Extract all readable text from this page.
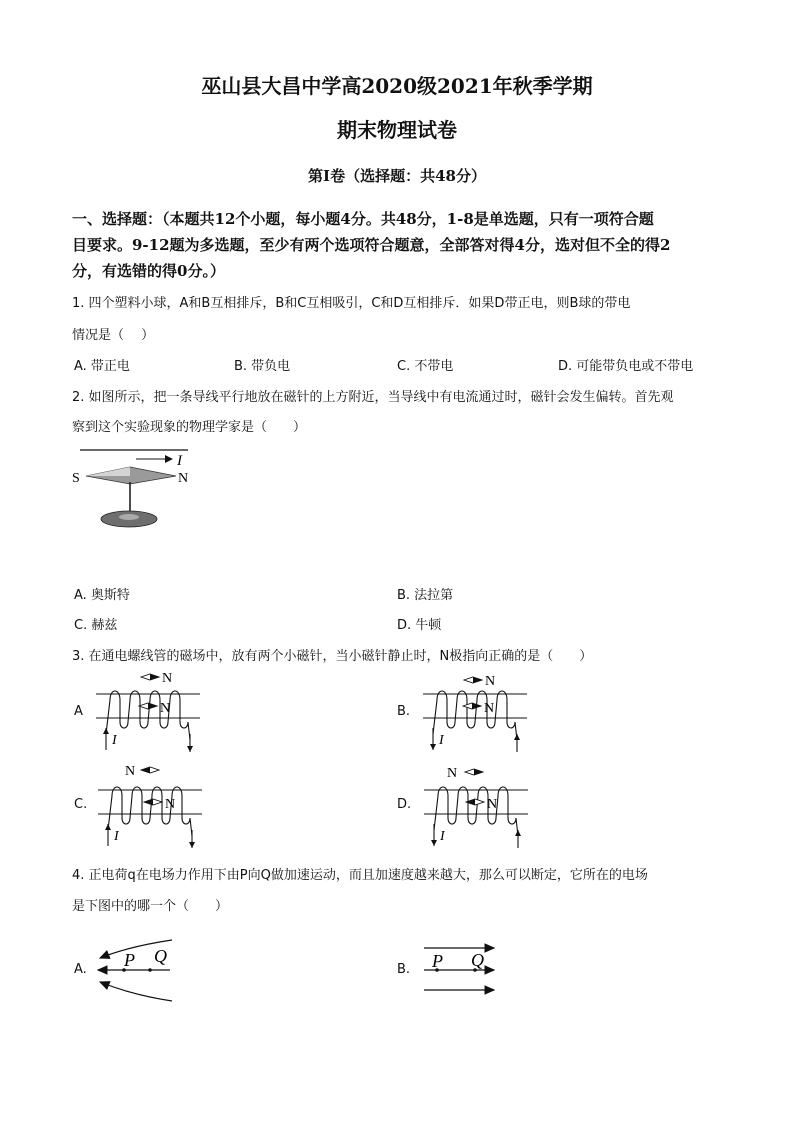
巫山县大昌中学高2020级2021年秋季学期
期末物理试卷
第I卷（选择题：共48分）
一、选择题：（本题共12个小题，每小题4分。共48分，1-8是单选题，只有一项符合题
目要求。9-12题为多选题，至少有两个选项符合题意，全部答对得4分，选对但不全的得2
分，有选错的得0分。）
1. 四个塑料小球，A和B互相排斥，B和C互相吸引，C和D互相排斥．如果D带正电，则B球的带电
情况是（　 ）
A. 带正电	B. 带负电	C. 不带电	D. 可能带负电或不带电
2. 如图所示，把一条导线平行地放在磁针的上方附近，当导线中有电流通过时，磁针会发生偏转。首先观
察到这个实验现象的物理学家是（　　）
I
S	N
A. 奥斯特	B. 法拉第
C. 赫兹	D. 牛顿
3. 在通电螺线管的磁场中，放有两个小磁针，当小磁针静止时，N极指向正确的是（　　）
A	B.
C.	D.
I
N
N
I
N
N
I
N
N
I
N
N
4. 正电荷q在电场力作用下由P向Q做加速运动，而且加速度越来越大，那么可以断定，它所在的电场
是下图中的哪一个（　　）
A.	B.
P Q	P Q
